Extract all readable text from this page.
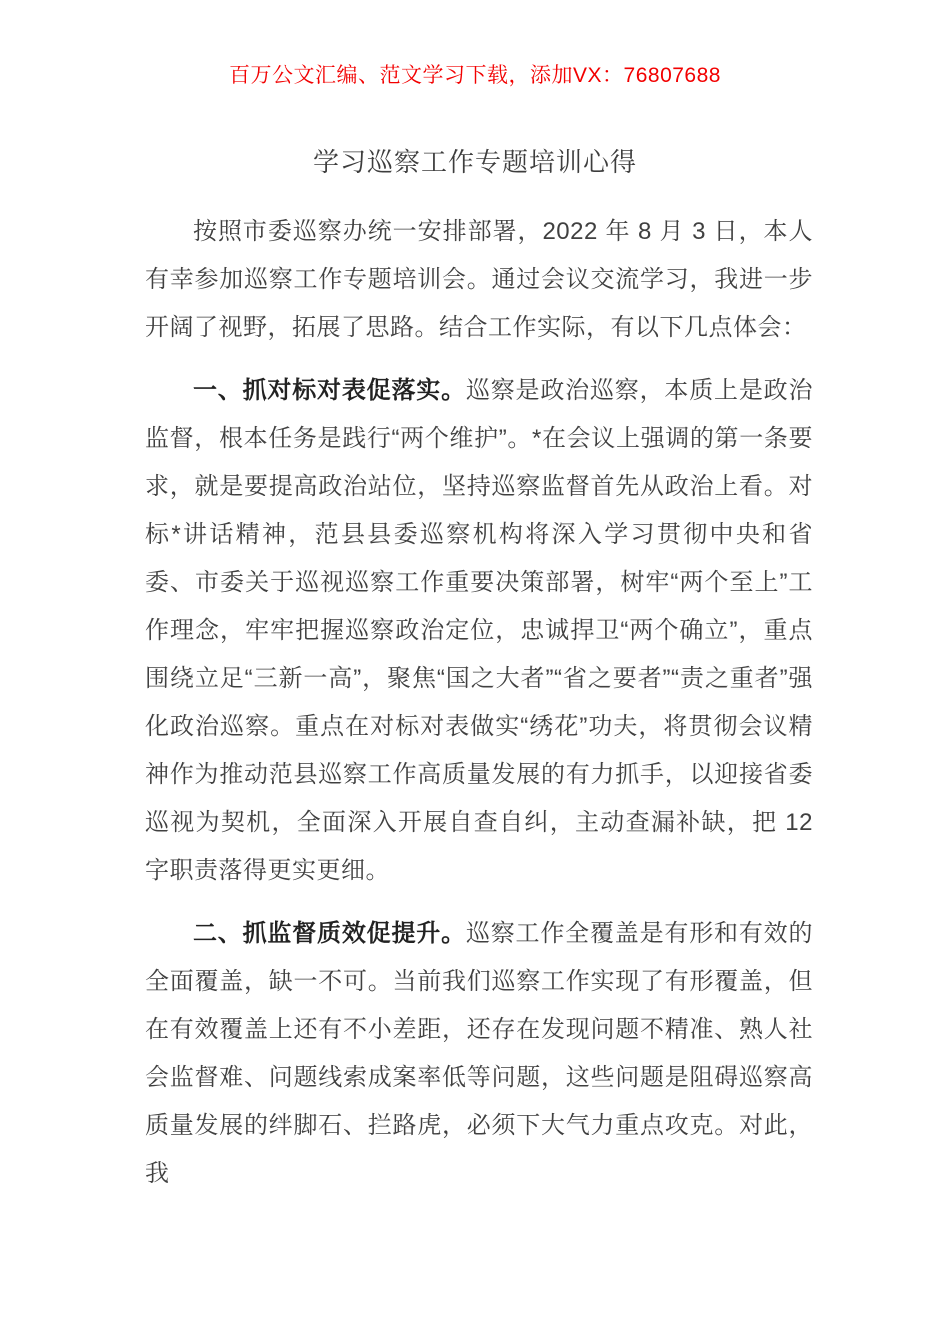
百万公文汇编、范文学习下载，添加VX：76807688
学习巡察工作专题培训心得

按照市委巡察办统一安排部署，2022 年 8 月 3 日，本人有幸参加巡察工作专题培训会。通过会议交流学习，我进一步开阔了视野，拓展了思路。结合工作实际，有以下几点体会：

一、抓对标对表促落实。巡察是政治巡察，本质上是政治监督，根本任务是践行“两个维护”。*在会议上强调的第一条要求，就是要提高政治站位，坚持巡察监督首先从政治上看。对标*讲话精神，范县县委巡察机构将深入学习贯彻中央和省委、市委关于巡视巡察工作重要决策部署，树牢“两个至上”工作理念，牢牢把握巡察政治定位，忠诚捍卫“两个确立”，重点围绕立足“三新一高”，聚焦“国之大者”“省之要者”“责之重者”强化政治巡察。重点在对标对表做实“绣花”功夫，将贯彻会议精神作为推动范县巡察工作高质量发展的有力抓手，以迎接省委巡视为契机，全面深入开展自查自纠，主动查漏补缺，把 12 字职责落得更实更细。

二、抓监督质效促提升。巡察工作全覆盖是有形和有效的全面覆盖，缺一不可。当前我们巡察工作实现了有形覆盖，但在有效覆盖上还有不小差距，还存在发现问题不精准、熟人社会监督难、问题线索成案率低等问题，这些问题是阻碍巡察高质量发展的绊脚石、拦路虎，必须下大气力重点攻克。对此，我
